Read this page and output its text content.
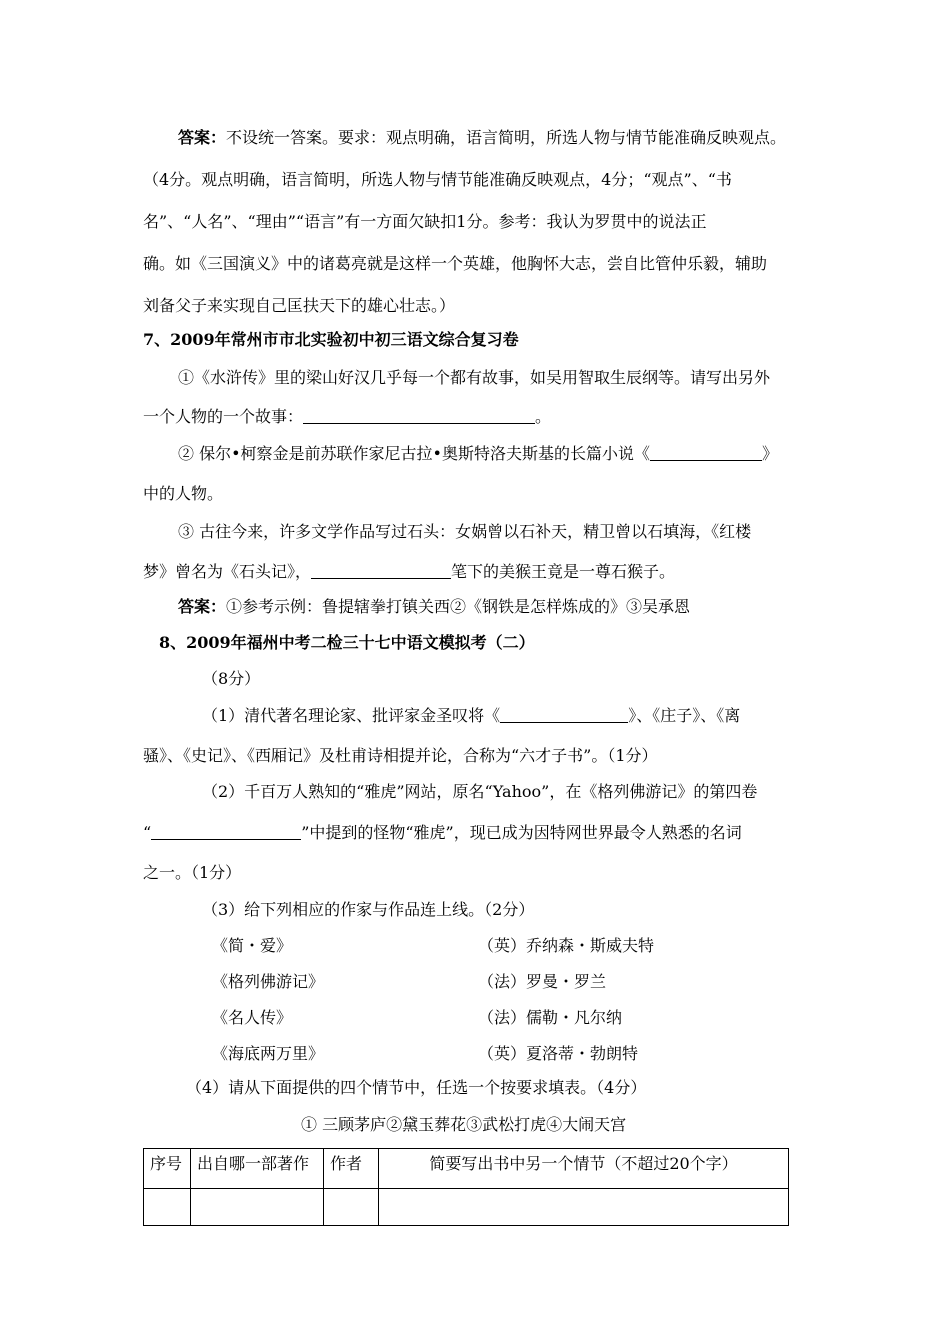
答案：不设统一答案。要求：观点明确，语言简明，所选人物与情节能准确反映观点。
（4分。观点明确，语言简明，所选人物与情节能准确反映观点，4分；“观点”、“书
名”、“人名”、“理由”“语言”有一方面欠缺扣1分。参考：我认为罗贯中的说法正
确。如《三国演义》中的诸葛亮就是这样一个英雄，他胸怀大志，尝自比管仲乐毅，辅助
刘备父子来实现自己匡扶天下的雄心壮志。）
7、2009年常州市市北实验初中初三语文综合复习卷
①《水浒传》里的梁山好汉几乎每一个都有故事，如吴用智取生辰纲等。请写出另外
一个人物的一个故事：	。
② 保尔•柯察金是前苏联作家尼古拉•奥斯特洛夫斯基的长篇小说《	》
中的人物。
③ 古往今来，许多文学作品写过石头：女娲曾以石补天，精卫曾以石填海，《红楼
梦》曾名为《石头记》，	笔下的美猴王竟是一尊石猴子。
答案：①参考示例：鲁提辖拳打镇关西②《钢铁是怎样炼成的》③吴承恩
8、2009年福州中考二检三十七中语文模拟考（二）
（8分）
（1）清代著名理论家、批评家金圣叹将《	》、《庄子》、《离
骚》、《史记》、《西厢记》及杜甫诗相提并论，合称为“六才子书”。（1分）
（2）千百万人熟知的“雅虎”网站，原名“Yahoo”，在《格列佛游记》的第四卷
“	”中提到的怪物“雅虎”，现已成为因特网世界最令人熟悉的名词
之一。（1分）
（3）给下列相应的作家与作品连上线。（2分）
《简・爱》	（英）乔纳森・斯威夫特
《格列佛游记》	（法）罗曼・罗兰
《名人传》	（法）儒勒・凡尔纳
《海底两万里》	（英）夏洛蒂・勃朗特
（4）请从下面提供的四个情节中，任选一个按要求填表。（4分）
① 三顾茅庐②黛玉葬花③武松打虎④大闹天宫
序号	出自哪一部著作	作者	简要写出书中另一个情节（不超过20个字）
